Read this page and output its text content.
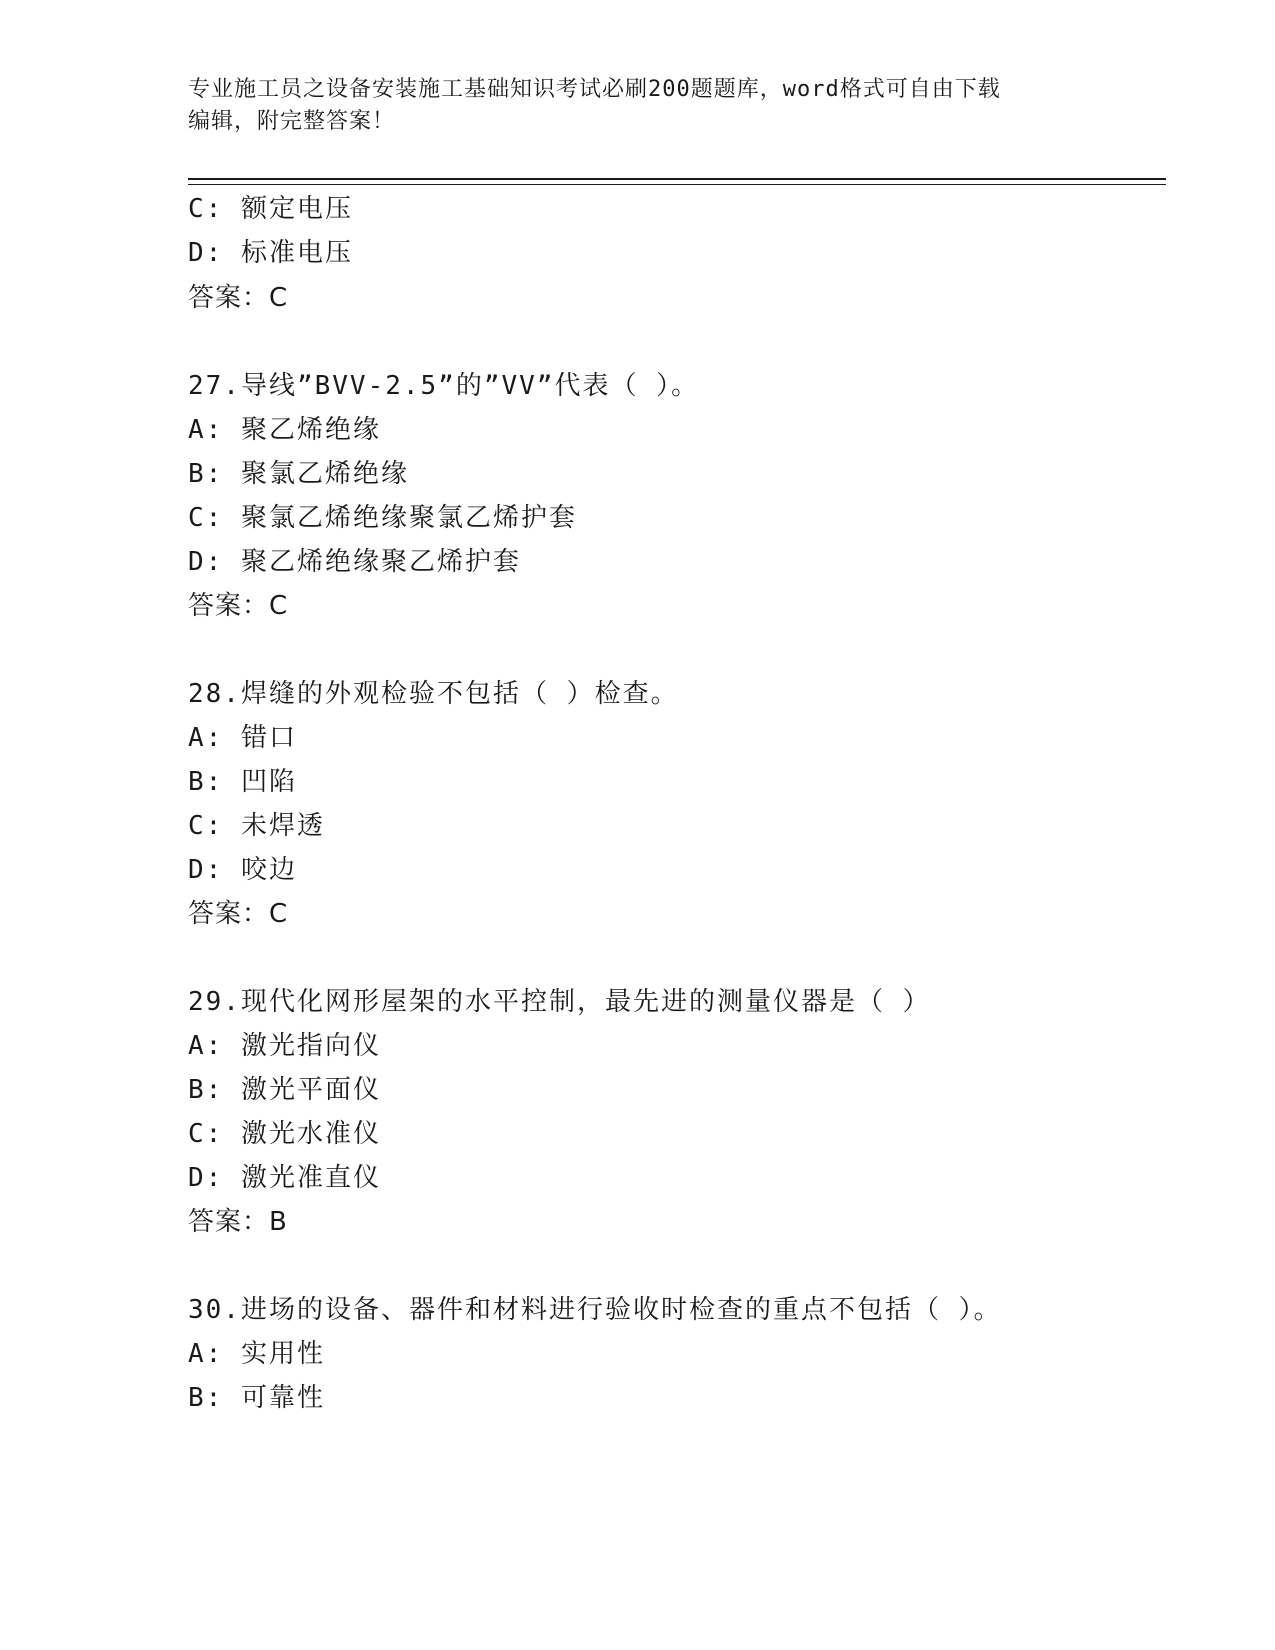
专业施工员之设备安装施工基础知识考试必刷200题题库，word格式可自由下载
编辑，附完整答案！
C: 额定电压
D: 标准电压
答案：C
27.导线”BVV-2.5”的”VV”代表（ ）。
A: 聚乙烯绝缘
B: 聚氯乙烯绝缘
C: 聚氯乙烯绝缘聚氯乙烯护套
D: 聚乙烯绝缘聚乙烯护套
答案：C
28.焊缝的外观检验不包括（ ）检查。
A: 错口
B: 凹陷
C: 未焊透
D: 咬边
答案：C
29.现代化网形屋架的水平控制，最先进的测量仪器是（ ）
A: 激光指向仪
B: 激光平面仪
C: 激光水准仪
D: 激光准直仪
答案：B
30.进场的设备、器件和材料进行验收时检查的重点不包括（ ）。
A: 实用性
B: 可靠性
